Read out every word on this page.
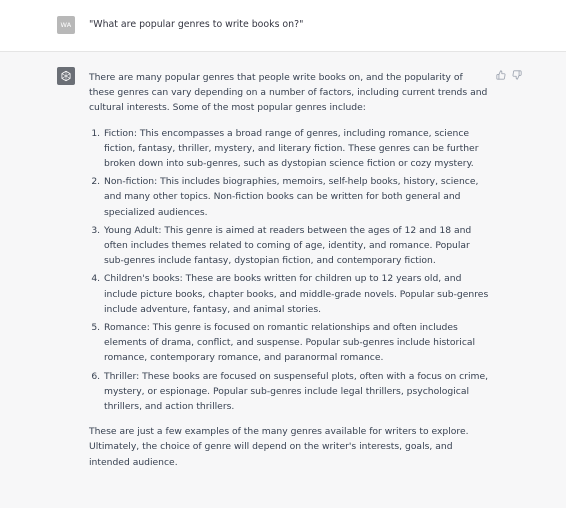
WA	"What are popular genres to write books on?"

There are many popular genres that people write books on, and the popularity of these genres can vary depending on a number of factors, including current trends and cultural interests. Some of the most popular genres include:

1. Fiction: This encompasses a broad range of genres, including romance, science fiction, fantasy, thriller, mystery, and literary fiction. These genres can be further broken down into sub-genres, such as dystopian science fiction or cozy mystery.
2. Non-fiction: This includes biographies, memoirs, self-help books, history, science, and many other topics. Non-fiction books can be written for both general and specialized audiences.
3. Young Adult: This genre is aimed at readers between the ages of 12 and 18 and often includes themes related to coming of age, identity, and romance. Popular sub-genres include fantasy, dystopian fiction, and contemporary fiction.
4. Children's books: These are books written for children up to 12 years old, and include picture books, chapter books, and middle-grade novels. Popular sub-genres include adventure, fantasy, and animal stories.
5. Romance: This genre is focused on romantic relationships and often includes elements of drama, conflict, and suspense. Popular sub-genres include historical romance, contemporary romance, and paranormal romance.
6. Thriller: These books are focused on suspenseful plots, often with a focus on crime, mystery, or espionage. Popular sub-genres include legal thrillers, psychological thrillers, and action thrillers.

These are just a few examples of the many genres available for writers to explore. Ultimately, the choice of genre will depend on the writer's interests, goals, and intended audience.
